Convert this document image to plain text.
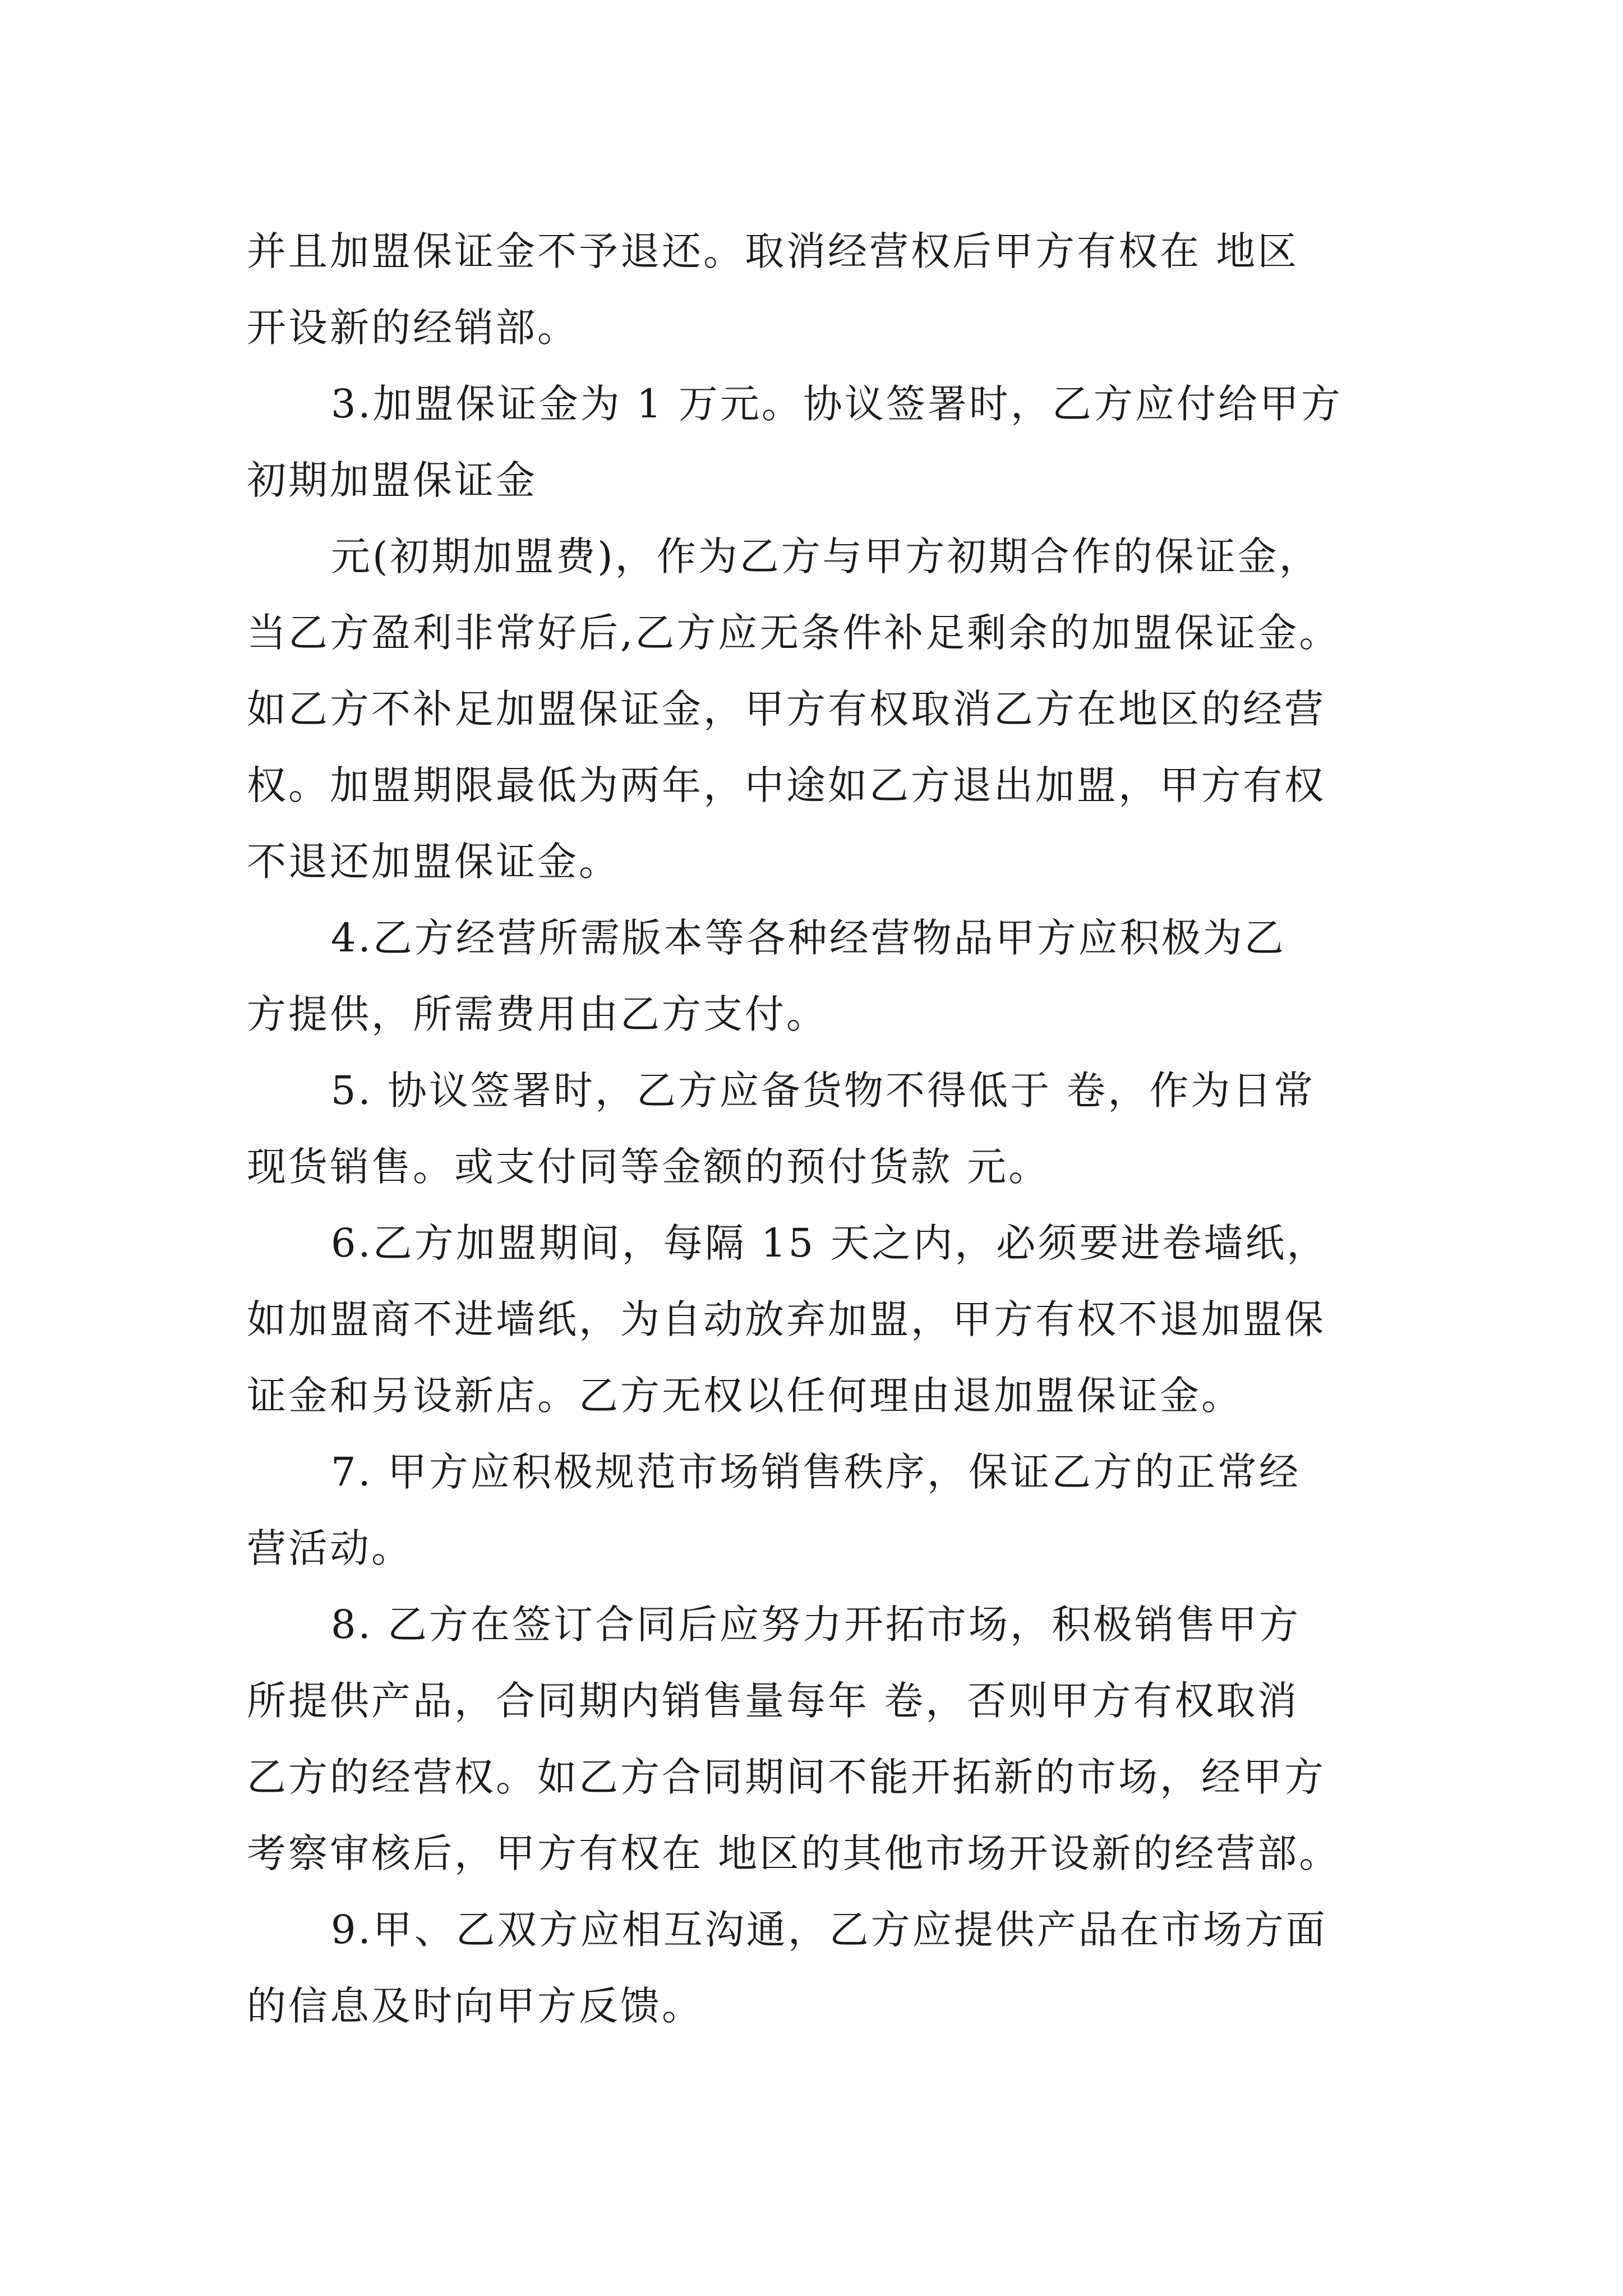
并且加盟保证金不予退还。取消经营权后甲方有权在 地区
开设新的经销部。
3.加盟保证金为 1 万元。协议签署时，乙方应付给甲方
初期加盟保证金
元(初期加盟费)，作为乙方与甲方初期合作的保证金，
当乙方盈利非常好后,乙方应无条件补足剩余的加盟保证金。
如乙方不补足加盟保证金，甲方有权取消乙方在地区的经营
权。加盟期限最低为两年，中途如乙方退出加盟，甲方有权
不退还加盟保证金。
4.乙方经营所需版本等各种经营物品甲方应积极为乙
方提供，所需费用由乙方支付。
5. 协议签署时，乙方应备货物不得低于 卷，作为日常
现货销售。或支付同等金额的预付货款 元。
6.乙方加盟期间，每隔 15 天之内，必须要进卷墙纸，
如加盟商不进墙纸，为自动放弃加盟，甲方有权不退加盟保
证金和另设新店。乙方无权以任何理由退加盟保证金。
7. 甲方应积极规范市场销售秩序，保证乙方的正常经
营活动。
8. 乙方在签订合同后应努力开拓市场，积极销售甲方
所提供产品，合同期内销售量每年 卷，否则甲方有权取消
乙方的经营权。如乙方合同期间不能开拓新的市场，经甲方
考察审核后，甲方有权在 地区的其他市场开设新的经营部。
9.甲、乙双方应相互沟通，乙方应提供产品在市场方面
的信息及时向甲方反馈。
